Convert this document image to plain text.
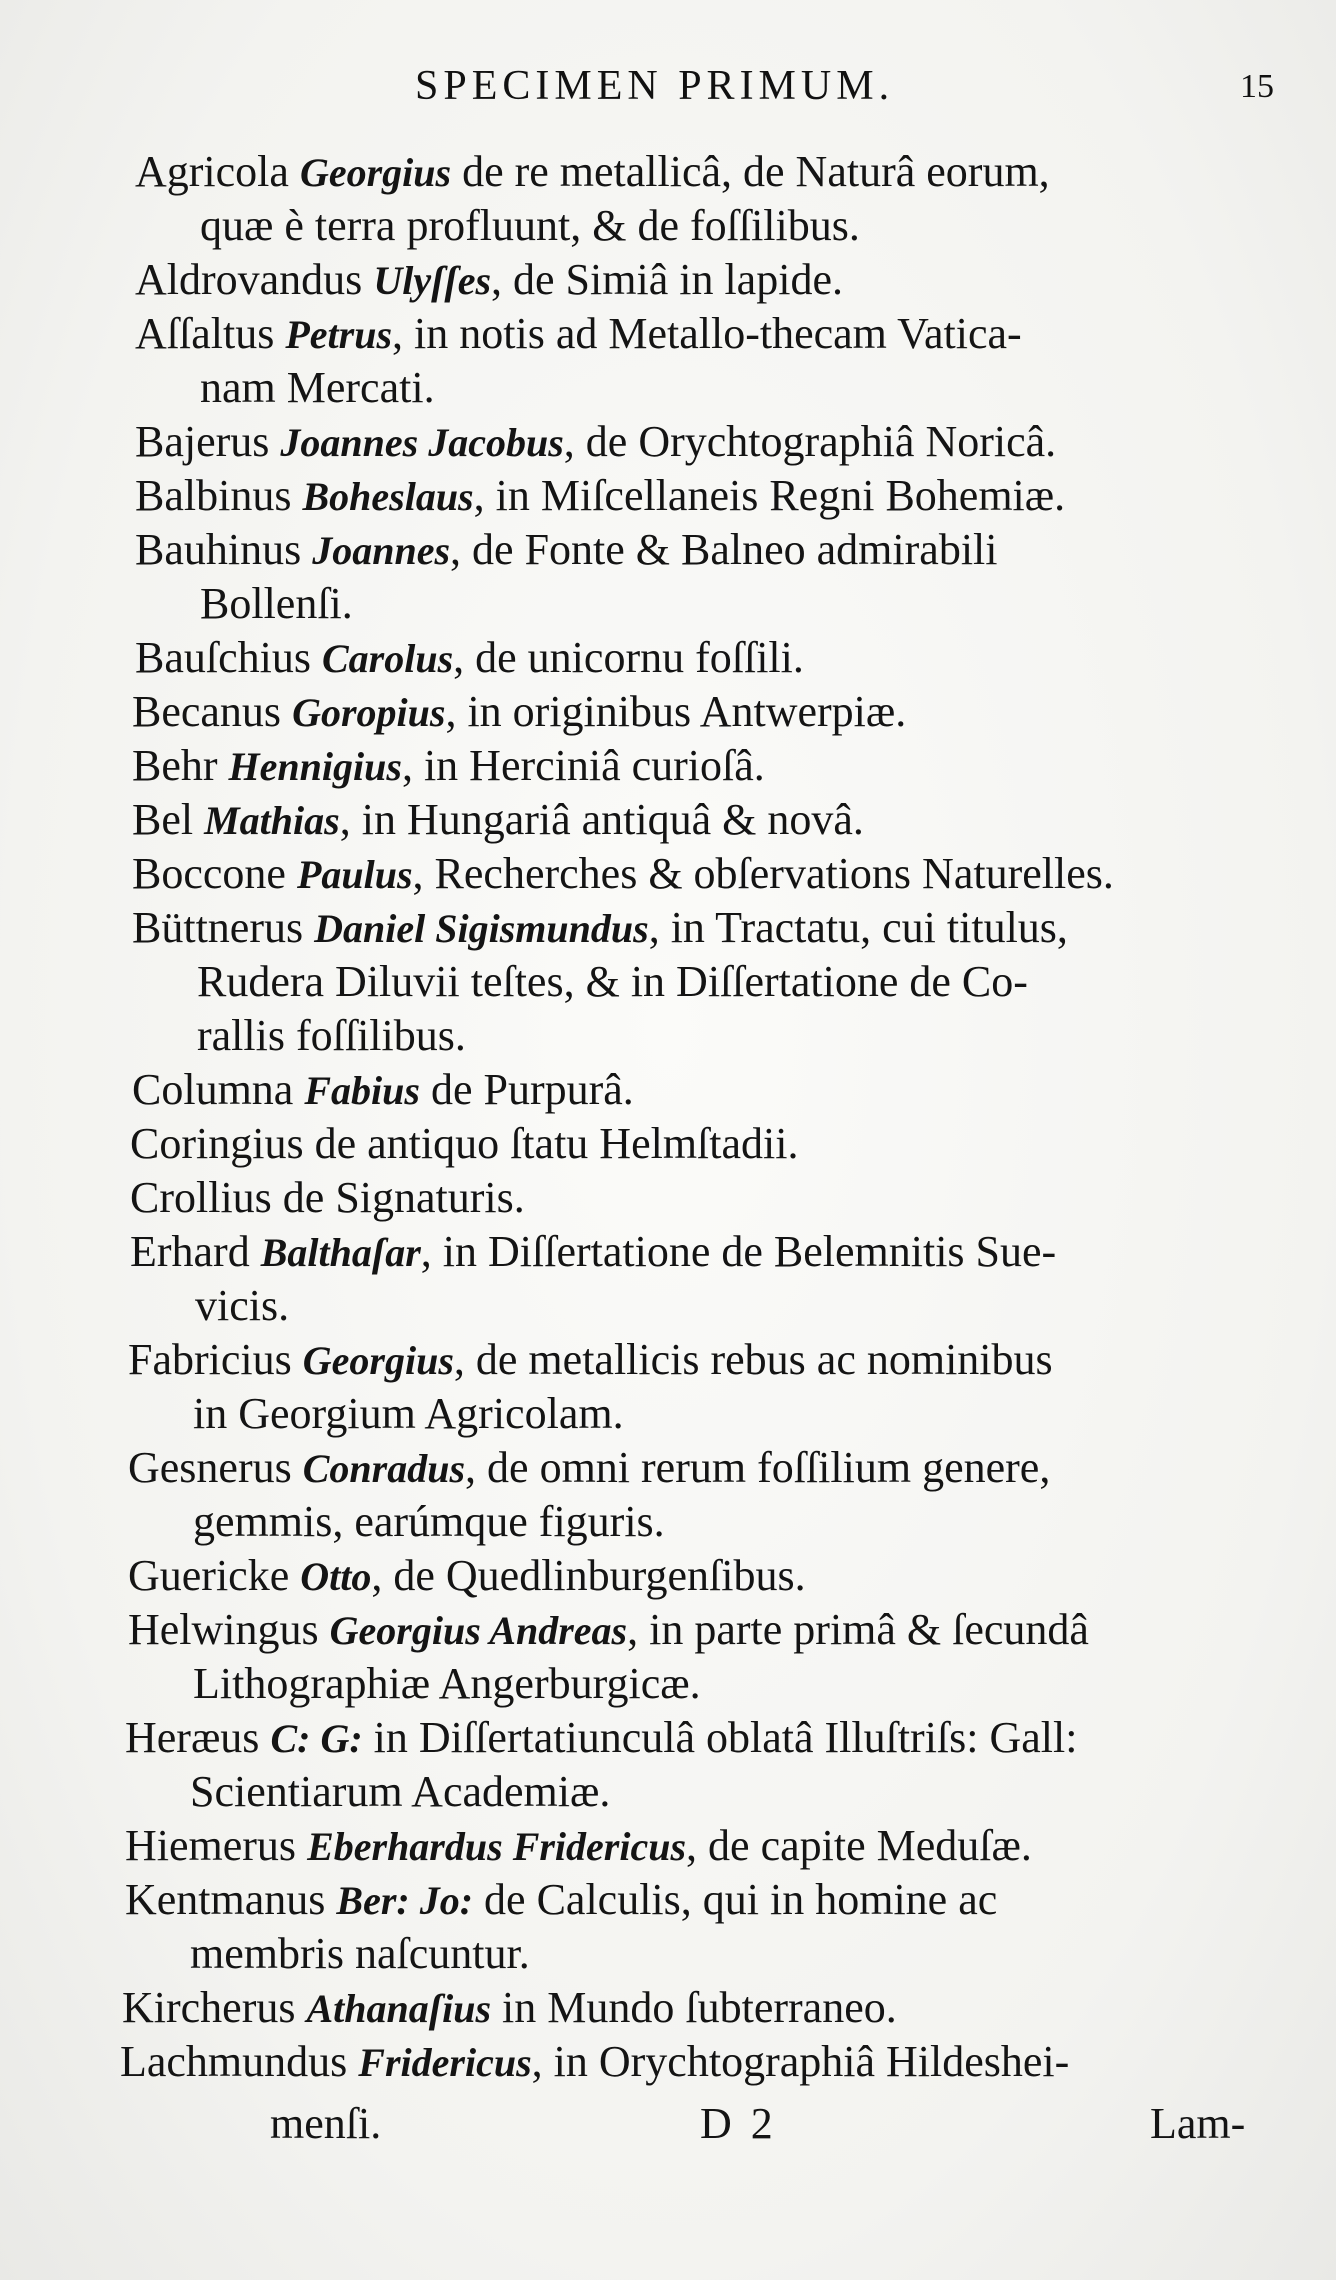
SPECIMEN PRIMUM.	15
Agricola Georgius de re metallicâ, de Naturâ eorum,
quæ è terra profluunt, & de foſſilibus.
Aldrovandus Ulyſſes, de Simiâ in lapide.
Aſſaltus Petrus, in notis ad Metallo-thecam Vatica-
nam Mercati.
Bajerus Joannes Jacobus, de Orychtographiâ Noricâ.
Balbinus Boheslaus, in Miſcellaneis Regni Bohemiæ.
Bauhinus Joannes, de Fonte & Balneo admirabili
Bollenſi.
Bauſchius Carolus, de unicornu foſſili.
Becanus Goropius, in originibus Antwerpiæ.
Behr Hennigius, in Herciniâ curioſâ.
Bel Mathias, in Hungariâ antiquâ & novâ.
Boccone Paulus, Recherches & obſervations Naturelles.
Büttnerus Daniel Sigismundus, in Tractatu, cui titulus,
Rudera Diluvii teſtes, & in Diſſertatione de Co-
rallis foſſilibus.
Columna Fabius de Purpurâ.
Coringius de antiquo ſtatu Helmſtadii.
Crollius de Signaturis.
Erhard Balthaſar, in Diſſertatione de Belemnitis Sue-
vicis.
Fabricius Georgius, de metallicis rebus ac nominibus
in Georgium Agricolam.
Gesnerus Conradus, de omni rerum foſſilium genere,
gemmis, earúmque figuris.
Guericke Otto, de Quedlinburgenſibus.
Helwingus Georgius Andreas, in parte primâ & ſecundâ
Lithographiæ Angerburgicæ.
Heræus C: G: in Diſſertatiunculâ oblatâ Illuſtriſs: Gall:
Scientiarum Academiæ.
Hiemerus Eberhardus Fridericus, de capite Meduſæ.
Kentmanus Ber: Jo: de Calculis, qui in homine ac
membris naſcuntur.
Kircherus Athanaſius in Mundo ſubterraneo.
Lachmundus Fridericus, in Orychtographiâ Hildeshei-
menſi.	D 2	Lam-
